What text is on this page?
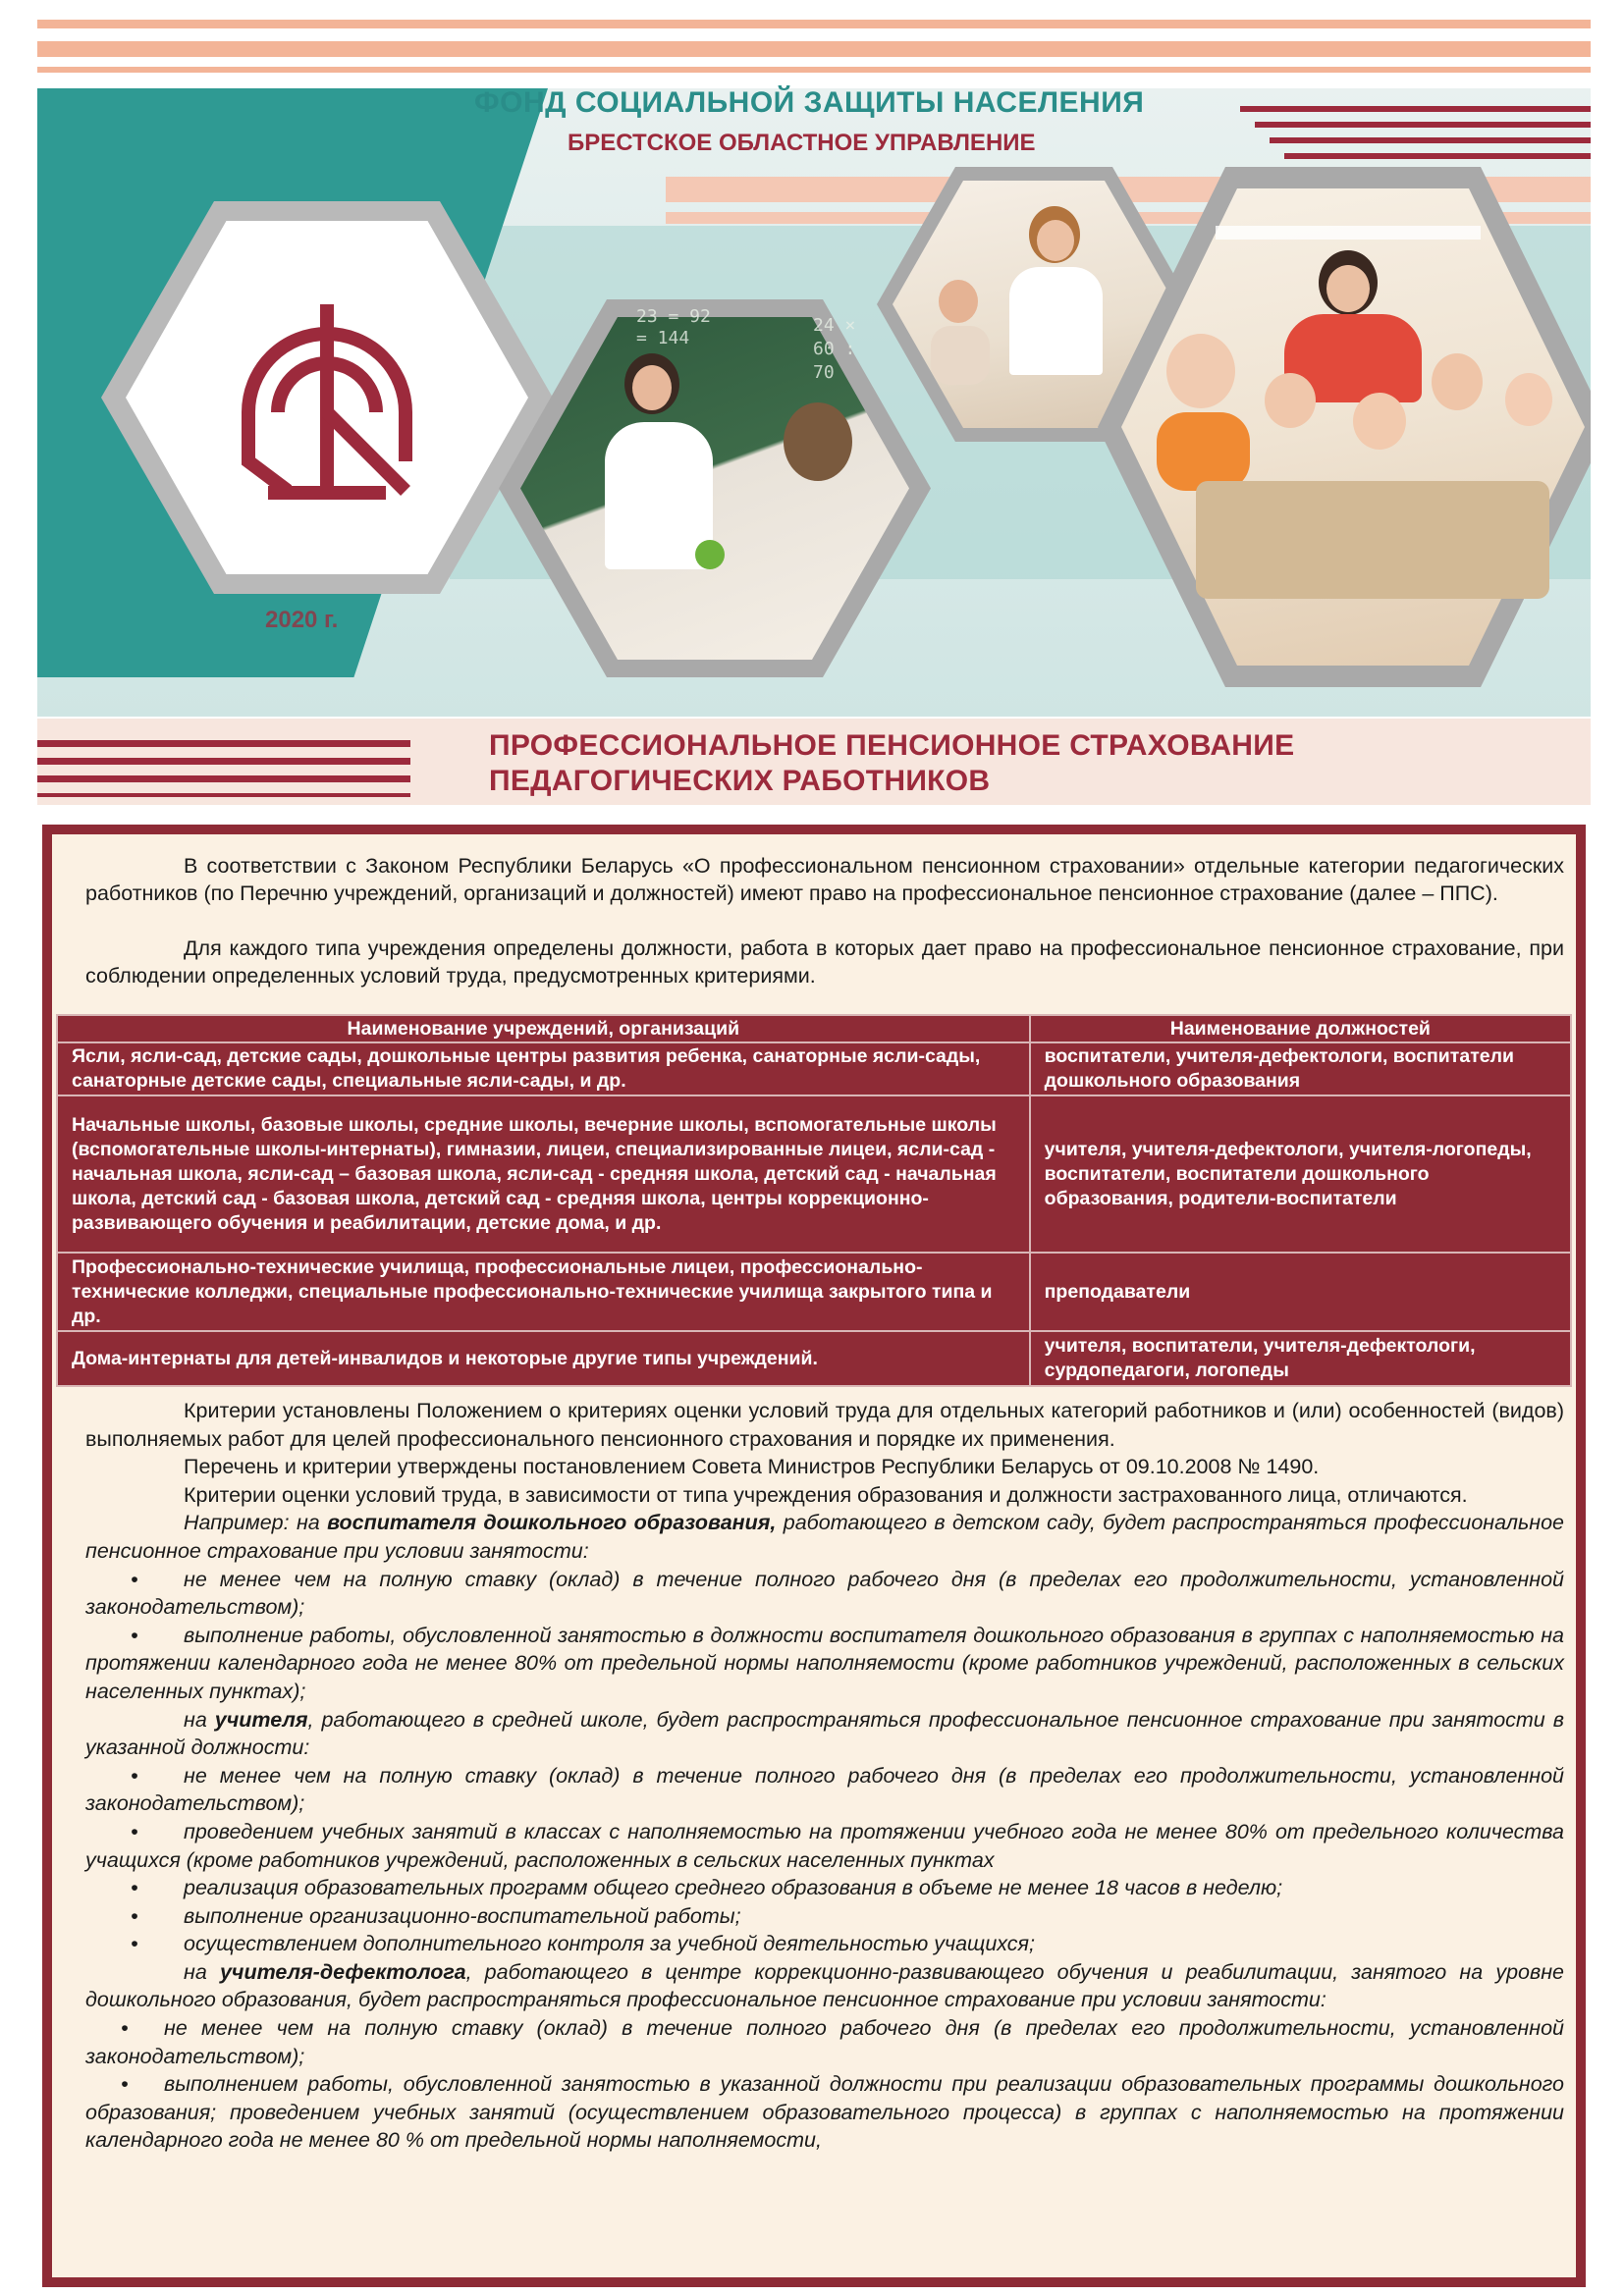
ФОНД СОЦИАЛЬНОЙ ЗАЩИТЫ НАСЕЛЕНИЯ
БРЕСТСКОЕ ОБЛАСТНОЕ УПРАВЛЕНИЕ
2020 г.
23 = 92
= 144
24 ×
60 :
70
ПРОФЕССИОНАЛЬНОЕ ПЕНСИОННОЕ СТРАХОВАНИЕ
ПЕДАГОГИЧЕСКИХ РАБОТНИКОВ
В соответствии с Законом Республики Беларусь «О профессиональном пенсионном страховании» отдельные категории педагогических работников (по Перечню учреждений, организаций и должностей) имеют право на профессиональное пенсионное страхование (далее – ППС).
Для каждого типа учреждения определены должности, работа в которых дает право на профессиональное пенсионное страхование, при соблюдении определенных условий труда, предусмотренных критериями.
Наименование учреждений, организаций	Наименование должностей
Ясли, ясли-сад, детские сады, дошкольные центры развития ребенка, санаторные ясли-сады, санаторные детские сады, специальные ясли-сады, и др.	воспитатели, учителя-дефектологи, воспитатели дошкольного образования
Начальные школы, базовые школы, средние школы, вечерние школы, вспомогательные школы (вспомогательные школы-интернаты), гимназии, лицеи, специализированные лицеи, ясли-сад - начальная школа, ясли-сад – базовая школа, ясли-сад - средняя школа, детский сад - начальная школа, детский сад - базовая школа, детский сад - средняя школа, центры коррекционно-развивающего обучения и реабилитации, детские дома, и др.	учителя, учителя-дефектологи, учителя-логопеды, воспитатели, воспитатели дошкольного образования, родители-воспитатели
Профессионально-технические училища, профессиональные лицеи, профессионально-технические колледжи, специальные профессионально-технические училища закрытого типа и др.	преподаватели
Дома-интернаты для детей-инвалидов и некоторые другие типы учреждений.	учителя, воспитатели, учителя-дефектологи, сурдопедагоги, логопеды
Критерии установлены Положением о критериях оценки условий труда для отдельных категорий работников и (или) особенностей (видов) выполняемых работ для целей профессионального пенсионного страхования и порядке их применения.
Перечень и критерии утверждены постановлением Совета Министров Республики Беларусь от 09.10.2008 № 1490.
Критерии оценки условий труда, в зависимости от типа учреждения образования и должности застрахованного лица, отличаются.
Например: на воспитателя дошкольного образования, работающего в детском саду, будет распространяться профессиональное пенсионное страхование при условии занятости:
• не менее чем на полную ставку (оклад) в течение полного рабочего дня (в пределах его продолжительности, установленной законодательством);
• выполнение работы, обусловленной занятостью в должности воспитателя дошкольного образования в группах с наполняемостью на протяжении календарного года не менее 80% от предельной нормы наполняемости (кроме работников учреждений, расположенных в сельских населенных пунктах);
на учителя, работающего в средней школе, будет распространяться профессиональное пенсионное страхование при занятости в указанной должности:
• не менее чем на полную ставку (оклад) в течение полного рабочего дня (в пределах его продолжительности, установленной законодательством);
• проведением учебных занятий в классах с наполняемостью на протяжении учебного года не менее 80% от предельного количества учащихся (кроме работников учреждений, расположенных в сельских населенных пунктах
• реализация образовательных программ общего среднего образования в объеме не менее 18 часов в неделю;
• выполнение организационно-воспитательной работы;
• осуществлением дополнительного контроля за учебной деятельностью учащихся;
на учителя-дефектолога, работающего в центре коррекционно-развивающего обучения и реабилитации, занятого на уровне дошкольного образования, будет распространяться профессиональное пенсионное страхование при условии занятости:
• не менее чем на полную ставку (оклад) в течение полного рабочего дня (в пределах его продолжительности, установленной законодательством);
• выполнением работы, обусловленной занятостью в указанной должности при реализации образовательных программы дошкольного образования; проведением учебных занятий (осуществлением образовательного процесса) в группах с наполняемостью на протяжении календарного года не менее 80 % от предельной нормы наполняемости,
